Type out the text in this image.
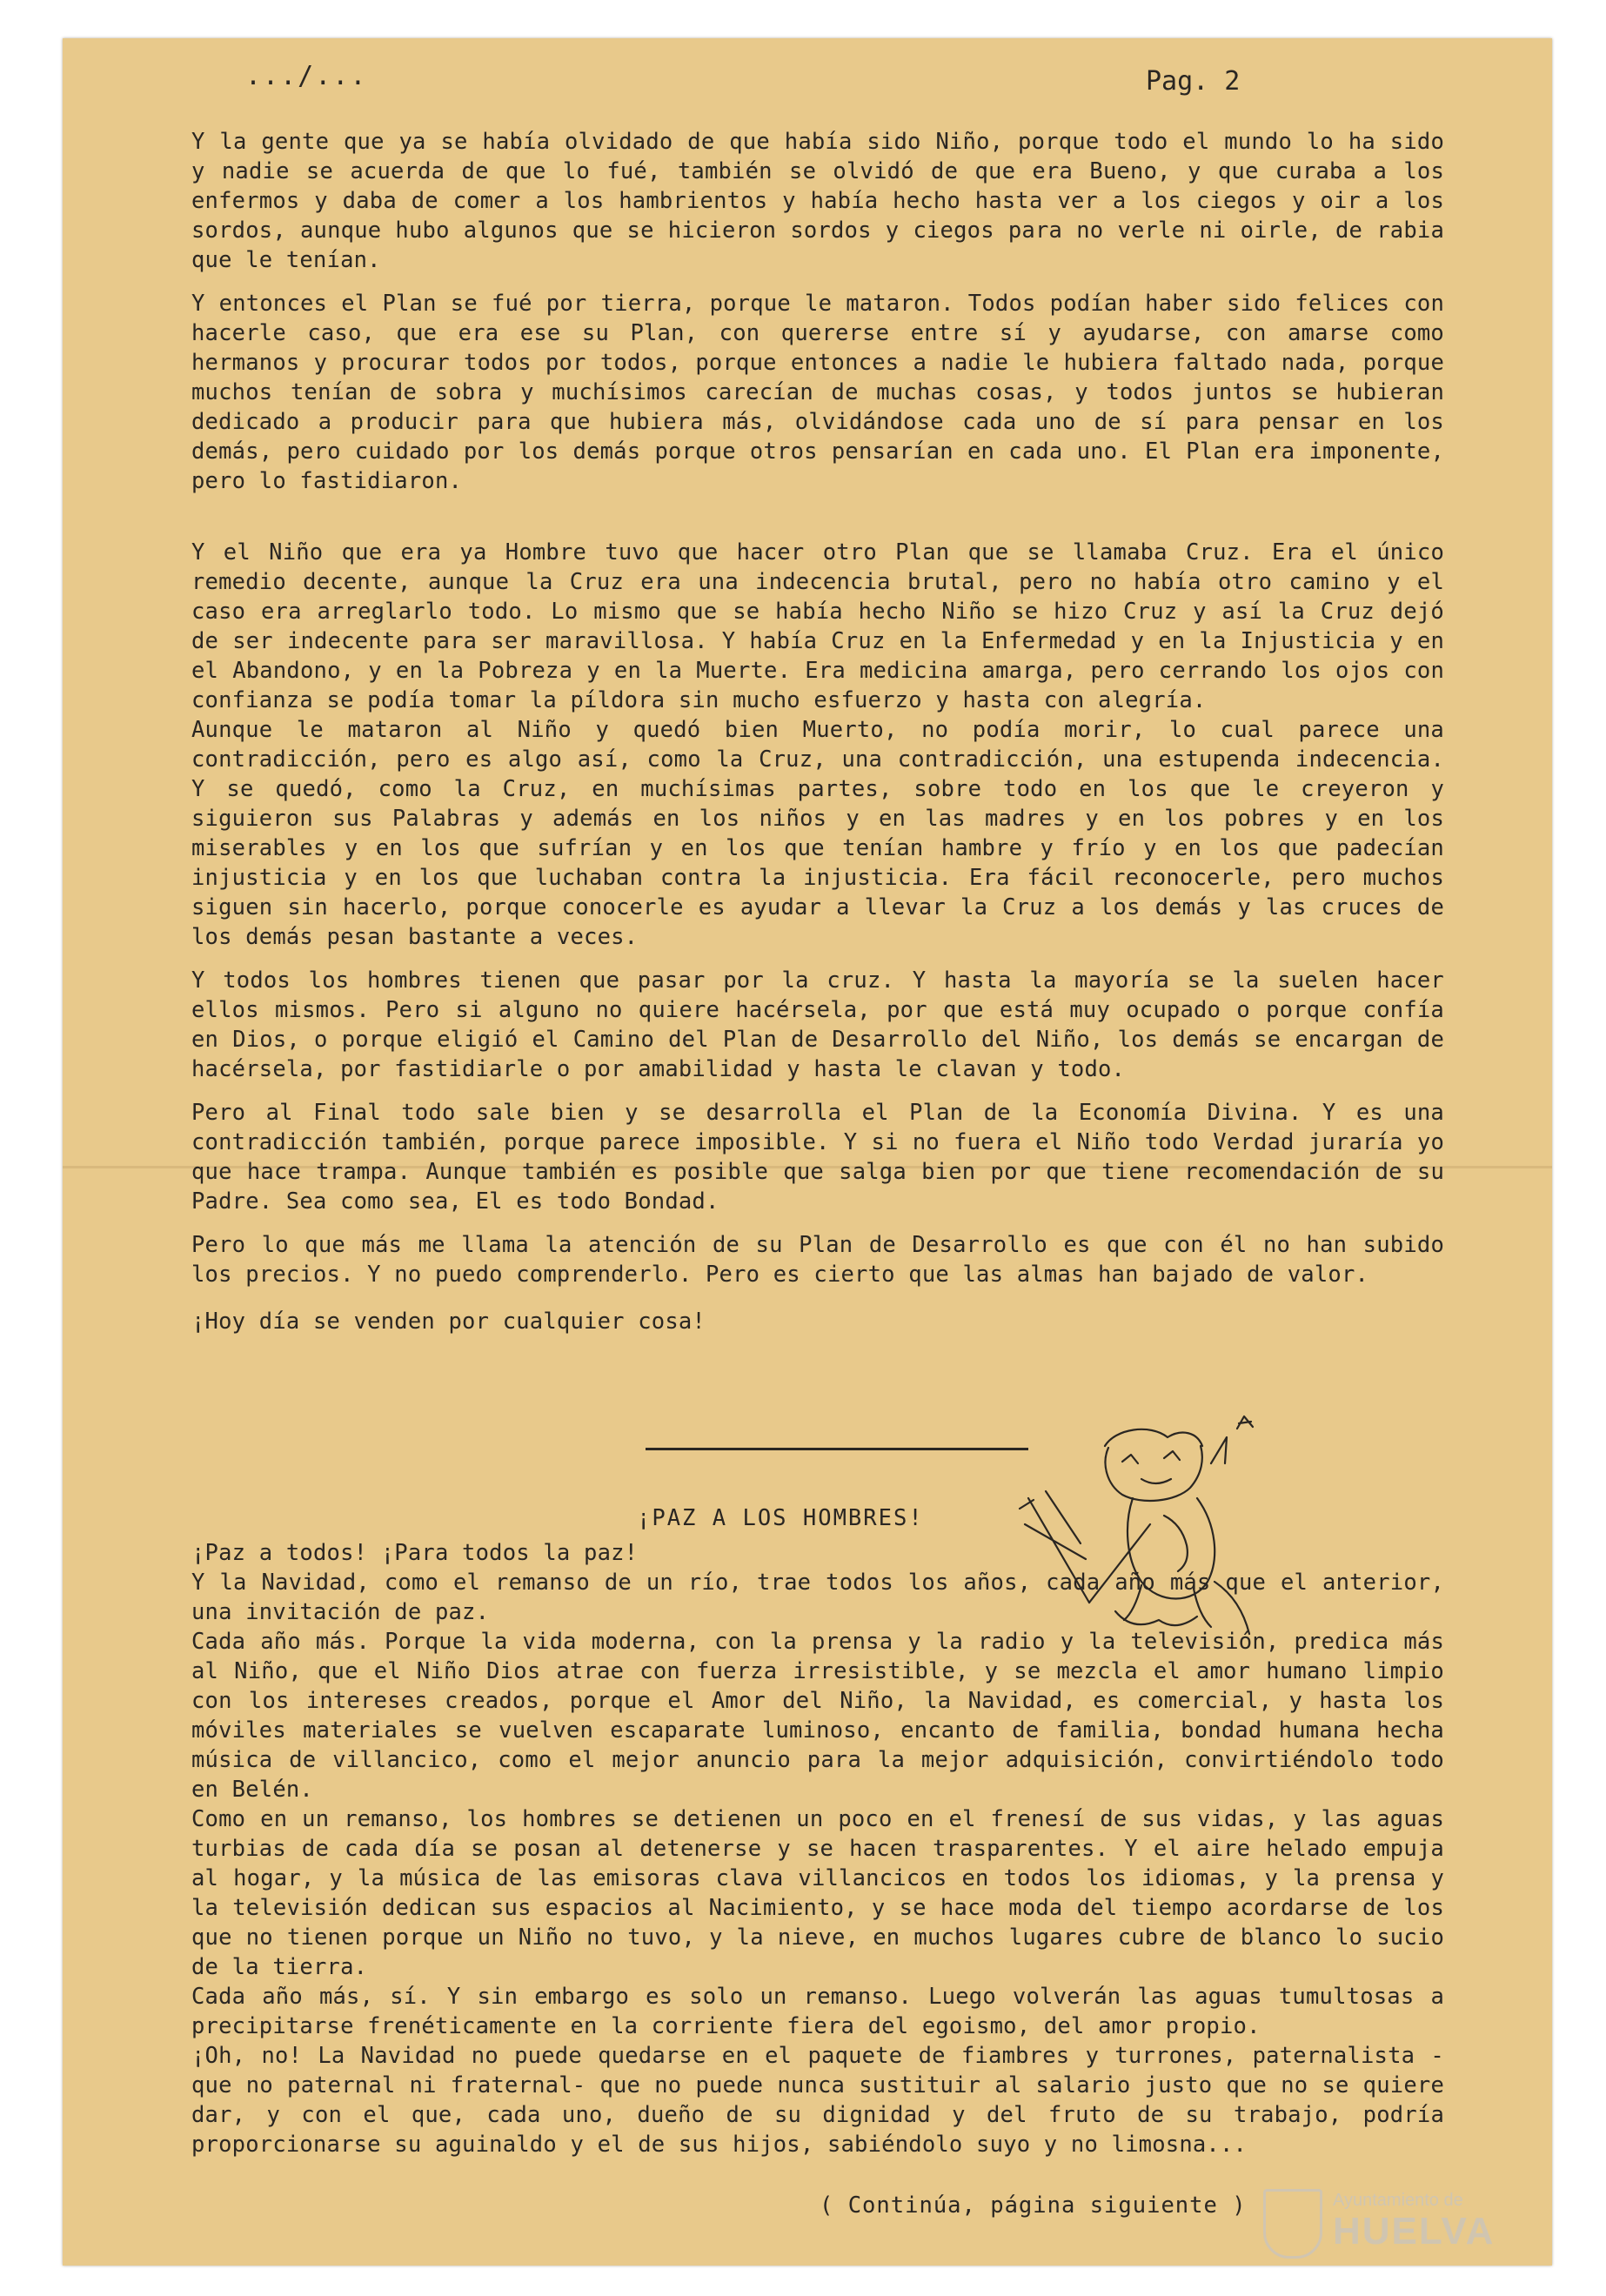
.../...	Pag. 2

Y la gente que ya se había olvidado de que había sido Niño, porque todo el mundo lo ha sido y nadie se acuerda de que lo fué, también se olvidó de que era Bueno, y que curaba a los enfermos y daba de comer a los hambrientos y había hecho hasta ver a los ciegos y oir a los sordos, aunque hubo algunos que se hicieron sordos y ciegos para no verle ni oirle, de rabia que le tenían.

Y entonces el Plan se fué por tierra, porque le mataron. Todos podían haber sido felices con hacerle caso, que era ese su Plan, con quererse entre sí y ayudarse, con amarse como hermanos y procurar todos por todos, porque entonces a nadie le hubiera faltado nada, porque muchos tenían de sobra y muchísimos carecían de muchas cosas, y todos juntos se hubieran dedicado a producir para que hubiera más, olvidándose cada uno de sí para pensar en los demás, pero cuidado por los demás porque otros pensarían en cada uno. El Plan era imponente, pero lo fastidiaron.

Y el Niño que era ya Hombre tuvo que hacer otro Plan que se llamaba Cruz. Era el único remedio decente, aunque la Cruz era una indecencia brutal, pero no había otro camino y el caso era arreglarlo todo. Lo mismo que se había hecho Niño se hizo Cruz y así la Cruz dejó de ser indecente para ser maravillosa. Y había Cruz en la Enfermedad y en la Injusticia y en el Abandono, y en la Pobreza y en la Muerte. Era medicina amarga, pero cerrando los ojos con confianza se podía tomar la píldora sin mucho esfuerzo y hasta con alegría.

Aunque le mataron al Niño y quedó bien Muerto, no podía morir, lo cual parece una contradicción, pero es algo así, como la Cruz, una contradicción, una estupenda indecencia. Y se quedó, como la Cruz, en muchísimas partes, sobre todo en los que le creyeron y siguieron sus Palabras y además en los niños y en las madres y en los pobres y en los miserables y en los que sufrían y en los que tenían hambre y frío y en los que padecían injusticia y en los que luchaban contra la injusticia. Era fácil reconocerle, pero muchos siguen sin hacerlo, porque conocerle es ayudar a llevar la Cruz a los demás y las cruces de los demás pesan bastante a veces.

Y todos los hombres tienen que pasar por la cruz. Y hasta la mayoría se la suelen hacer ellos mismos. Pero si alguno no quiere hacérsela, por que está muy ocupado o porque confía en Dios, o porque eligió el Camino del Plan de Desarrollo del Niño, los demás se encargan de hacérsela, por fastidiarle o por amabilidad y hasta le clavan y todo.

Pero al Final todo sale bien y se desarrolla el Plan de la Economía Divina. Y es una contradicción también, porque parece imposible. Y si no fuera el Niño todo Verdad juraría yo que hace trampa. Aunque también es posible que salga bien por que tiene recomendación de su Padre. Sea como sea, El es todo Bondad.

Pero lo que más me llama la atención de su Plan de Desarrollo es que con él no han subido los precios. Y no puedo comprenderlo. Pero es cierto que las almas han bajado de valor.

¡Hoy día se venden por cualquier cosa!

¡PAZ A LOS HOMBRES!

¡Paz a todos! ¡Para todos la paz!

Y la Navidad, como el remanso de un río, trae todos los años, cada año más que el anterior, una invitación de paz.

Cada año más. Porque la vida moderna, con la prensa y la radio y la televisión, predica más al Niño, que el Niño Dios atrae con fuerza irresistible, y se mezcla el amor humano limpio con los intereses creados, porque el Amor del Niño, la Navidad, es comercial, y hasta los móviles materiales se vuelven escaparate luminoso, encanto de familia, bondad humana hecha música de villancico, como el mejor anuncio para la mejor adquisición, convirtiéndolo todo en Belén.

Como en un remanso, los hombres se detienen un poco en el frenesí de sus vidas, y las aguas turbias de cada día se posan al detenerse y se hacen trasparentes. Y el aire helado empuja al hogar, y la música de las emisoras clava villancicos en todos los idiomas, y la prensa y la televisión dedican sus espacios al Nacimiento, y se hace moda del tiempo acordarse de los que no tienen porque un Niño no tuvo, y la nieve, en muchos lugares cubre de blanco lo sucio de la tierra.

Cada año más, sí. Y sin embargo es solo un remanso. Luego volverán las aguas tumultosas a precipitarse frenéticamente en la corriente fiera del egoismo, del amor propio.

¡Oh, no! La Navidad no puede quedarse en el paquete de fiambres y turrones, paternalista -que no paternal ni fraternal- que no puede nunca sustituir al salario justo que no se quiere dar, y con el que, cada uno, dueño de su dignidad y del fruto de su trabajo, podría proporcionarse su aguinaldo y el de sus hijos, sabiéndolo suyo y no limosna...

( Continúa, página siguiente )	Ayuntamiento de
HUELVA
